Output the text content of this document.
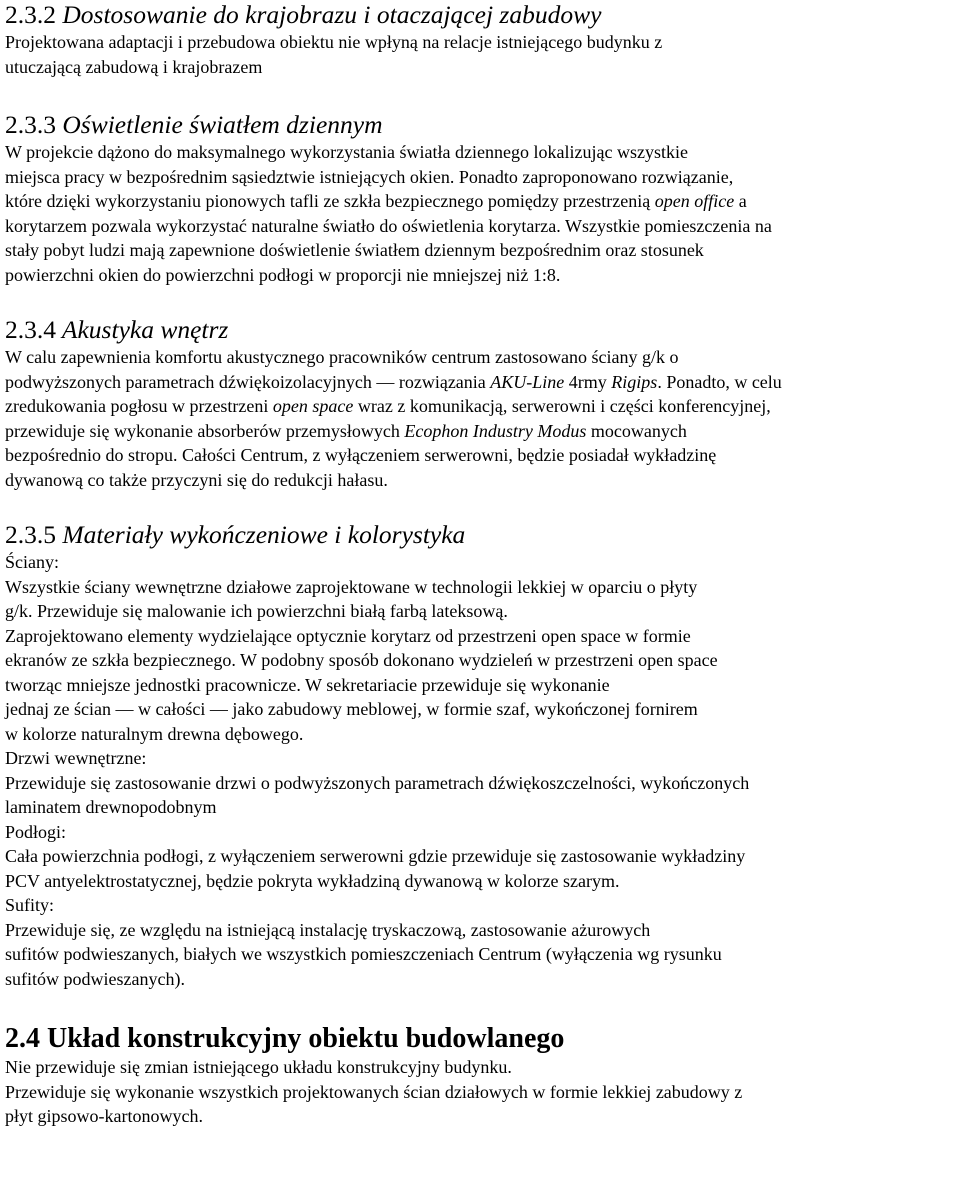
2.3.2 Dostosowanie do krajobrazu i otaczającej zabudowy
Projektowana adaptacji i przebudowa obiektu nie wpłyną na relacje istniejącego budynku z
utuczającą zabudową i krajobrazem
2.3.3 Oświetlenie światłem dziennym
W projekcie dążono do maksymalnego wykorzystania światła dziennego lokalizując wszystkie
miejsca pracy w bezpośrednim sąsiedztwie istniejących okien. Ponadto zaproponowano rozwiązanie,
które dzięki wykorzystaniu pionowych tafli ze szkła bezpiecznego pomiędzy przestrzenią open office a
korytarzem pozwala wykorzystać naturalne światło do oświetlenia korytarza. Wszystkie pomieszczenia na
stały pobyt ludzi mają zapewnione doświetlenie światłem dziennym bezpośrednim oraz stosunek
powierzchni okien do powierzchni podłogi w proporcji nie mniejszej niż 1:8.
2.3.4 Akustyka wnętrz
W calu zapewnienia komfortu akustycznego pracowników centrum zastosowano ściany g/k o
podwyższonych parametrach dźwiękoizolacyjnych — rozwiązania AKU-Line 4rmy Rigips. Ponadto, w celu
zredukowania pogłosu w przestrzeni open space wraz z komunikacją, serwerowni i części konferencyjnej,
przewiduje się wykonanie absorberów przemysłowych Ecophon Industry Modus mocowanych
bezpośrednio do stropu. Całości Centrum, z wyłączeniem serwerowni, będzie posiadał wykładzinę
dywanową co także przyczyni się do redukcji hałasu.
2.3.5 Materiały wykończeniowe i kolorystyka
Ściany:
Wszystkie ściany wewnętrzne działowe zaprojektowane w technologii lekkiej w oparciu o płyty
g/k. Przewiduje się malowanie ich powierzchni białą farbą lateksową.
Zaprojektowano elementy wydzielające optycznie korytarz od przestrzeni open space w formie
ekranów ze szkła bezpiecznego. W podobny sposób dokonano wydzieleń w przestrzeni open space
tworząc mniejsze jednostki pracownicze. W sekretariacie przewiduje się wykonanie
jednaj ze ścian — w całości — jako zabudowy meblowej, w formie szaf, wykończonej fornirem
w kolorze naturalnym drewna dębowego.
Drzwi wewnętrzne:
Przewiduje się zastosowanie drzwi o podwyższonych parametrach dźwiękoszczelności, wykończonych
laminatem drewnopodobnym
Podłogi:
Cała powierzchnia podłogi, z wyłączeniem serwerowni gdzie przewiduje się zastosowanie wykładziny
PCV antyelektrostatycznej, będzie pokryta wykładziną dywanową w kolorze szarym.
Sufity:
Przewiduje się, ze względu na istniejącą instalację tryskaczową, zastosowanie ażurowych
sufitów podwieszanych, białych we wszystkich pomieszczeniach Centrum (wyłączenia wg rysunku
sufitów podwieszanych).
2.4 Układ konstrukcyjny obiektu budowlanego
Nie przewiduje się zmian istniejącego układu konstrukcyjny budynku.
Przewiduje się wykonanie wszystkich projektowanych ścian działowych w formie lekkiej zabudowy z
płyt gipsowo-kartonowych.
